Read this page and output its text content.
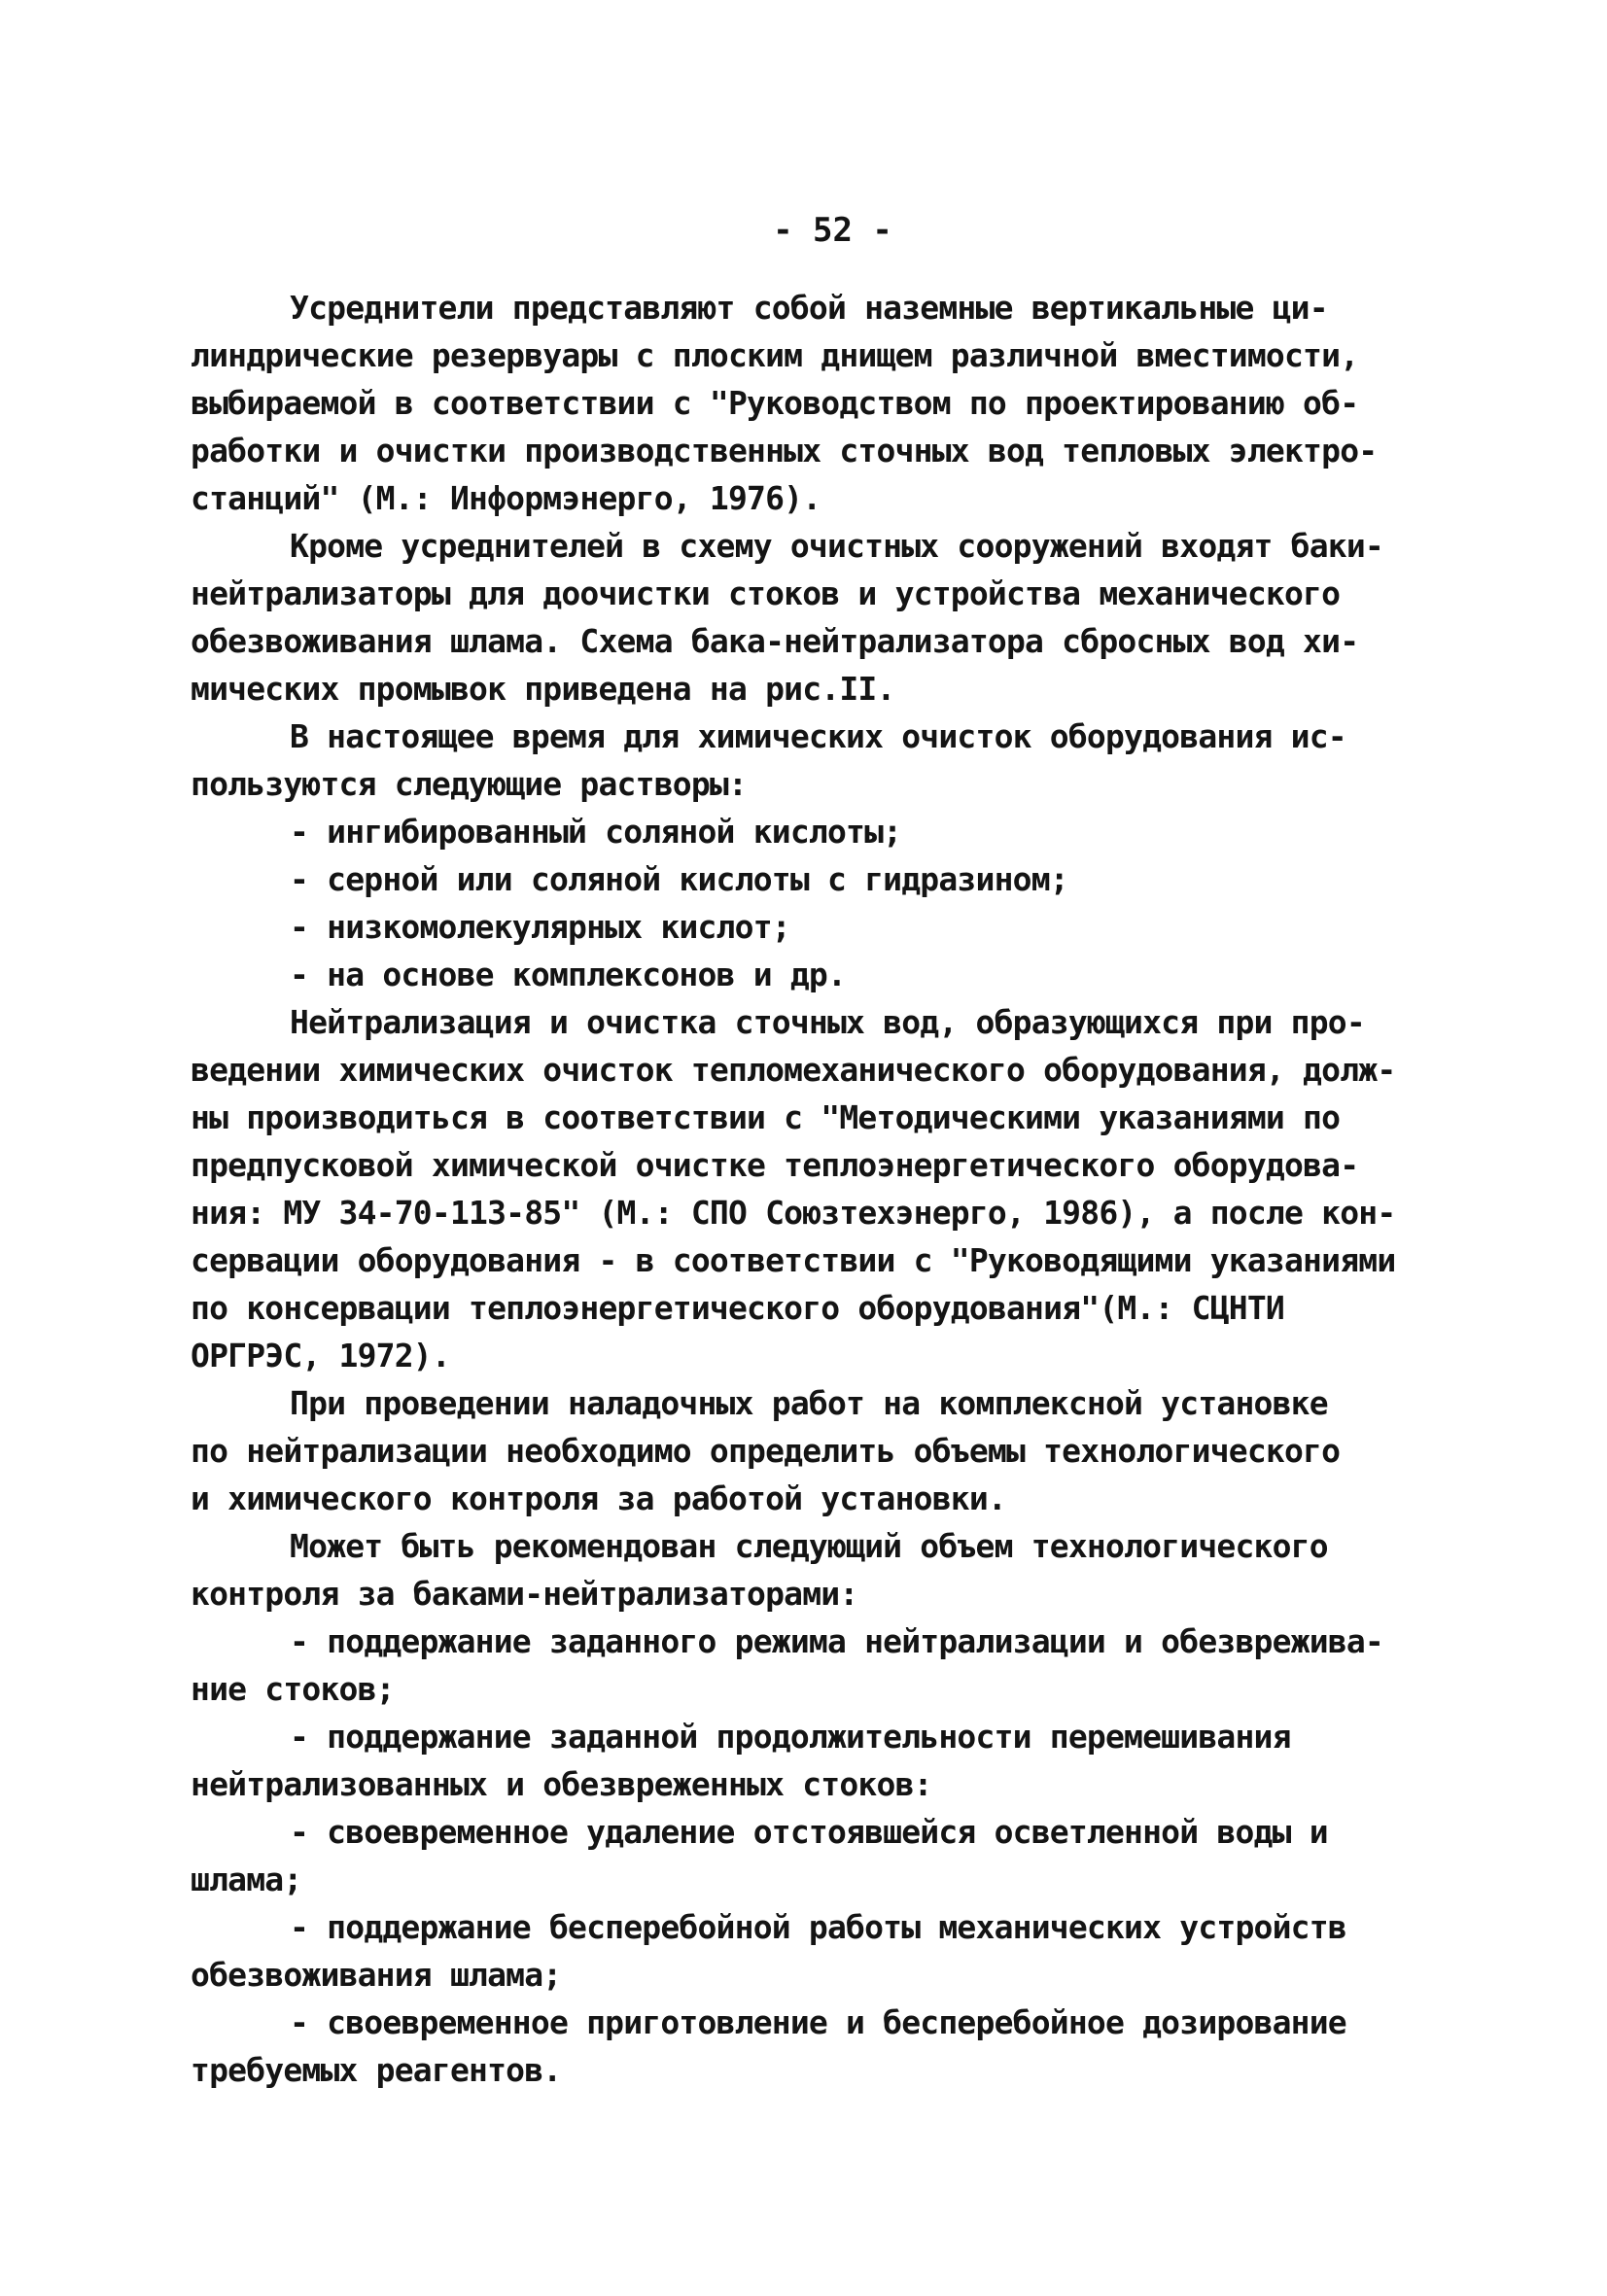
- 52 -
Усреднители представляют собой наземные вертикальные ци-
линдрические резервуары с плоским днищем различной вместимости,
выбираемой в соответствии с "Руководством по проектированию об-
работки и очистки производственных сточных вод тепловых электро-
станций" (М.: Информэнерго, 1976).
Кроме усреднителей в схему очистных сооружений входят баки-
нейтрализаторы для доочистки стоков и устройства механического
обезвоживания шлама. Схема бака-нейтрализатора сбросных вод хи-
мических промывок приведена на рис.II.
В настоящее время для химических очисток оборудования ис-
пользуются следующие растворы:
- ингибированный соляной кислоты;
- серной или соляной кислоты с гидразином;
- низкомолекулярных кислот;
- на основе комплексонов и др.
Нейтрализация и очистка сточных вод, образующихся при про-
ведении химических очисток тепломеханического оборудования, долж-
ны производиться в соответствии с "Методическими указаниями по
предпусковой химической очистке теплоэнергетического оборудова-
ния: МУ 34-70-113-85" (М.: СПО Союзтехэнерго, 1986), а после кон-
сервации оборудования - в соответствии с "Руководящими указаниями
по консервации теплоэнергетического оборудования"(М.: СЦНТИ
ОРГРЭС, 1972).
При проведении наладочных работ на комплексной установке
по нейтрализации необходимо определить объемы технологического
и химического контроля за работой установки.
Может быть рекомендован следующий объем технологического
контроля за баками-нейтрализаторами:
- поддержание заданного режима нейтрализации и обезврежива-
ние стоков;
- поддержание заданной продолжительности перемешивания
нейтрализованных и обезвреженных стоков:
- своевременное удаление отстоявшейся осветленной воды и
шлама;
- поддержание бесперебойной работы механических устройств
обезвоживания шлама;
- своевременное приготовление и бесперебойное дозирование
требуемых реагентов.
